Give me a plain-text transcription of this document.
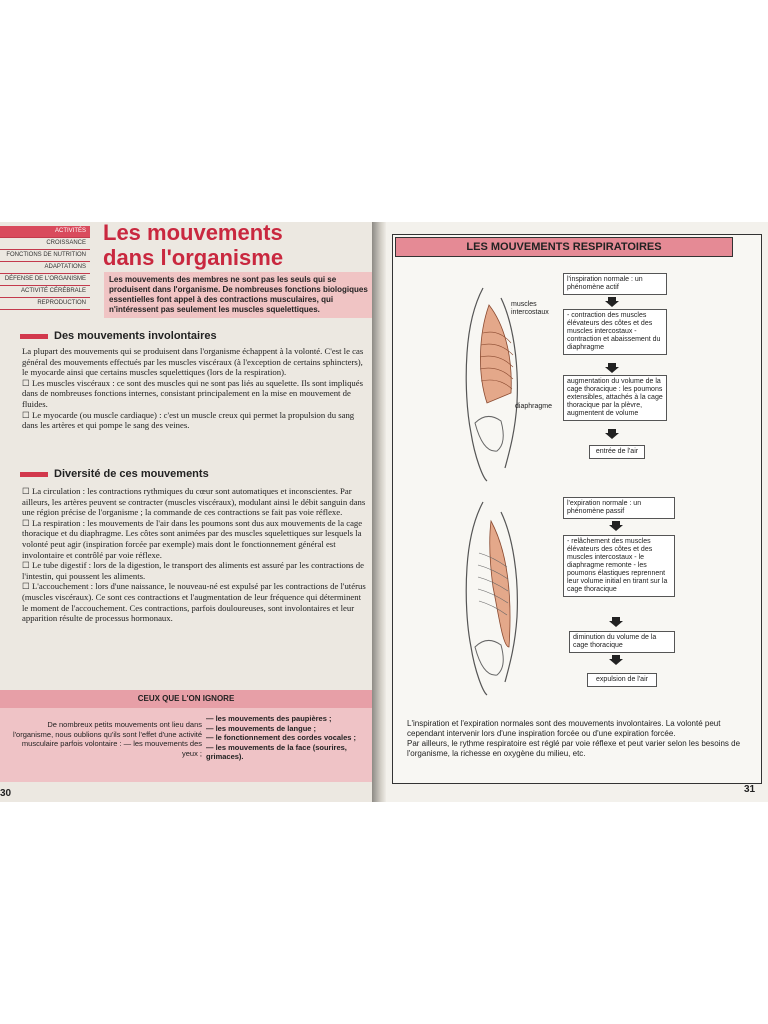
ACTIVITÉS
CROISSANCE
FONCTIONS DE NUTRITION
ADAPTATIONS
DÉFENSE DE L'ORGANISME
ACTIVITÉ CÉRÉBRALE
REPRODUCTION
Les mouvements
dans l'organisme
Les mouvements des membres ne sont pas les seuls qui se produisent dans l'organisme. De nombreuses fonctions biologiques essentielles font appel à des contractions musculaires, qui n'intéressent pas seulement les muscles squelettiques.
Des mouvements involontaires

La plupart des mouvements qui se produisent dans l'organisme échappent à la volonté. C'est le cas général des mouvements effectués par les muscles viscéraux (à l'exception de certains sphincters), le myocarde ainsi que certains muscles squelettiques (lors de la respiration).

☐ Les muscles viscéraux : ce sont des muscles qui ne sont pas liés au squelette. Ils sont impliqués dans de nombreuses fonctions internes, consistant principalement en la mise en mouvement de fluides.

☐ Le myocarde (ou muscle cardiaque) : c'est un muscle creux qui permet la propulsion du sang dans les artères et qui pompe le sang des veines.

Diversité de ces mouvements

☐ La circulation : les contractions rythmiques du cœur sont automatiques et inconscientes. Par ailleurs, les artères peuvent se contracter (muscles viscéraux), modulant ainsi le débit sanguin dans une région précise de l'organisme ; la commande de ces contractions se fait pas voie réflexe.

☐ La respiration : les mouvements de l'air dans les poumons sont dus aux mouvements de la cage thoracique et du diaphragme. Les côtes sont animées par des muscles squelettiques sur lesquels la volonté peut agir (inspiration forcée par exemple) mais dont le fonctionnement général est involontaire et contrôlé par voie réflexe.

☐ Le tube digestif : lors de la digestion, le transport des aliments est assuré par les contractions de l'intestin, qui poussent les aliments.

☐ L'accouchement : lors d'une naissance, le nouveau-né est expulsé par les contractions de l'utérus (muscles viscéraux). Ce sont ces contractions et l'augmentation de leur fréquence qui déterminent le moment de l'accouchement. Ces contractions, parfois douloureuses, sont involontaires et leur apparition résulte de processus hormonaux.

CEUX QUE L'ON IGNORE
De nombreux petits mouvements ont lieu dans l'organisme, nous oublions qu'ils sont l'effet d'une activité musculaire parfois volontaire : — les mouvements des yeux ;
— les mouvements des paupières ;
— les mouvements de langue ;
— le fonctionnement des cordes vocales ;
— les mouvements de la face (sourires, grimaces).
30
LES MOUVEMENTS RESPIRATOIRES
muscles intercostaux
diaphragme
l'inspiration normale : un phénomène actif
- contraction des muscles élévateurs des côtes et des muscles intercostaux - contraction et abaissement du diaphragme
augmentation du volume de la cage thoracique : les poumons extensibles, attachés à la cage thoracique par la plèvre, augmentent de volume
entrée de l'air
l'expiration normale : un phénomène passif
- relâchement des muscles élévateurs des côtes et des muscles intercostaux - le diaphragme remonte - les poumons élastiques reprennent leur volume initial en tirant sur la cage thoracique
diminution du volume de la cage thoracique
expulsion de l'air

L'inspiration et l'expiration normales sont des mouvements involontaires. La volonté peut cependant intervenir lors d'une inspiration forcée ou d'une expiration forcée.

Par ailleurs, le rythme respiratoire est réglé par voie réflexe et peut varier selon les besoins de l'organisme, la richesse en oxygène du milieu, etc.

31
